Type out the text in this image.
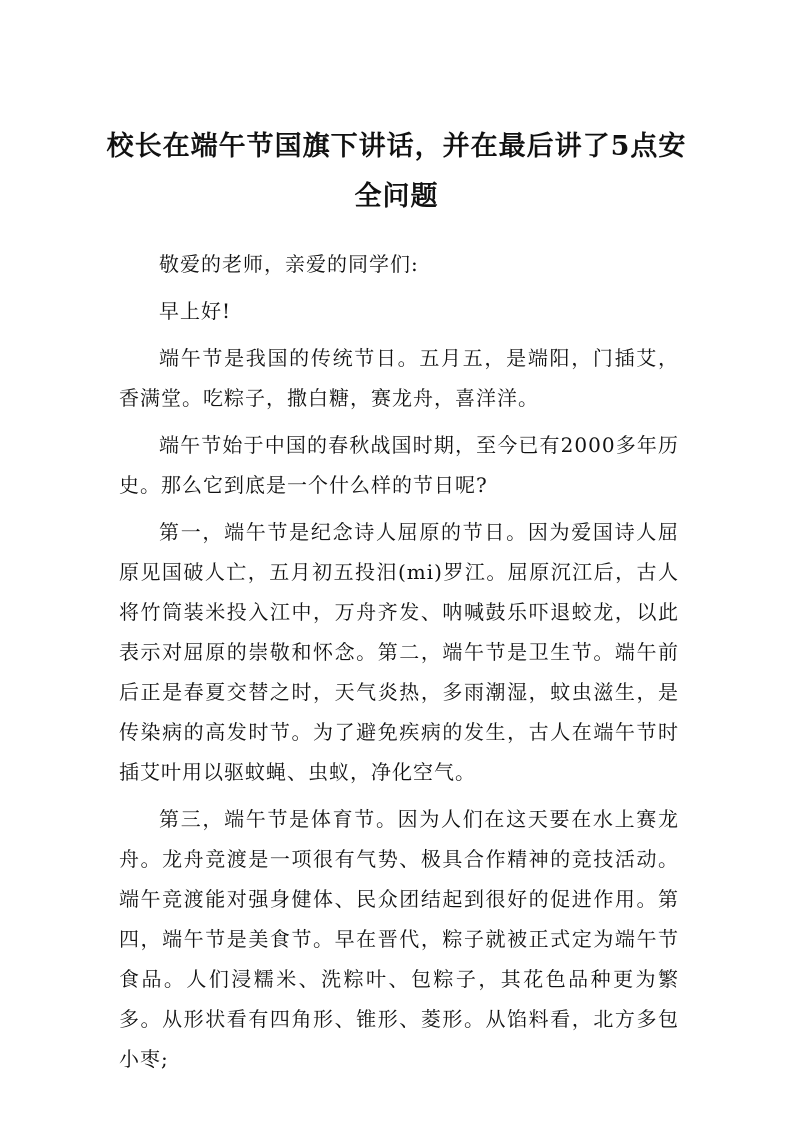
校长在端午节国旗下讲话，并在最后讲了5点安全问题

敬爱的老师，亲爱的同学们:

早上好!

端午节是我国的传统节日。五月五，是端阳，门插艾，香满堂。吃粽子，撒白糖，赛龙舟，喜洋洋。

端午节始于中国的春秋战国时期，至今已有2000多年历史。那么它到底是一个什么样的节日呢?

第一，端午节是纪念诗人屈原的节日。因为爱国诗人屈原见国破人亡，五月初五投汨(mi)罗江。屈原沉江后，古人将竹筒装米投入江中，万舟齐发、呐喊鼓乐吓退蛟龙，以此表示对屈原的崇敬和怀念。第二，端午节是卫生节。端午前后正是春夏交替之时，天气炎热，多雨潮湿，蚊虫滋生，是传染病的高发时节。为了避免疾病的发生，古人在端午节时插艾叶用以驱蚊蝇、虫蚁，净化空气。

第三，端午节是体育节。因为人们在这天要在水上赛龙舟。龙舟竞渡是一项很有气势、极具合作精神的竞技活动。端午竞渡能对强身健体、民众团结起到很好的促进作用。第四，端午节是美食节。早在晋代，粽子就被正式定为端午节食品。人们浸糯米、洗粽叶、包粽子，其花色品种更为繁多。从形状看有四角形、锥形、菱形。从馅料看，北方多包小枣;
